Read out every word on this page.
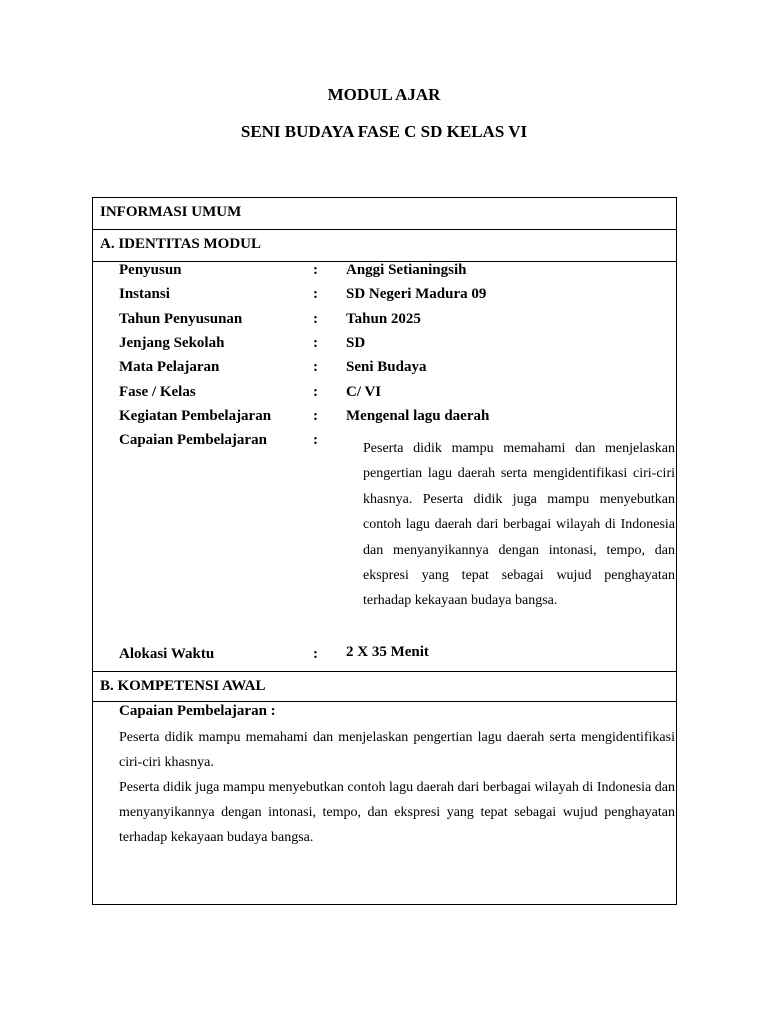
MODUL AJAR
SENI BUDAYA FASE C SD KELAS VI
INFORMASI UMUM
A. IDENTITAS MODUL
Penyusun	: Anggi Setianingsih
Instansi	: SD Negeri Madura 09
Tahun Penyusunan	: Tahun 2025
Jenjang Sekolah	: SD
Mata Pelajaran	: Seni Budaya
Fase / Kelas	: C/ VI
Kegiatan Pembelajaran	: Mengenal lagu daerah
Capaian Pembelajaran	:
Peserta didik mampu memahami dan menjelaskan pengertian lagu daerah serta mengidentifikasi ciri-ciri khasnya. Peserta didik juga mampu menyebutkan contoh lagu daerah dari berbagai wilayah di Indonesia dan menyanyikannya dengan intonasi, tempo, dan ekspresi yang tepat sebagai wujud penghayatan terhadap kekayaan budaya bangsa.
Alokasi Waktu	: 2 X 35 Menit
B. KOMPETENSI AWAL
Capaian Pembelajaran :
Peserta didik mampu memahami dan menjelaskan pengertian lagu daerah serta mengidentifikasi ciri-ciri khasnya.
Peserta didik juga mampu menyebutkan contoh lagu daerah dari berbagai wilayah di Indonesia dan menyanyikannya dengan intonasi, tempo, dan ekspresi yang tepat sebagai wujud penghayatan terhadap kekayaan budaya bangsa.
